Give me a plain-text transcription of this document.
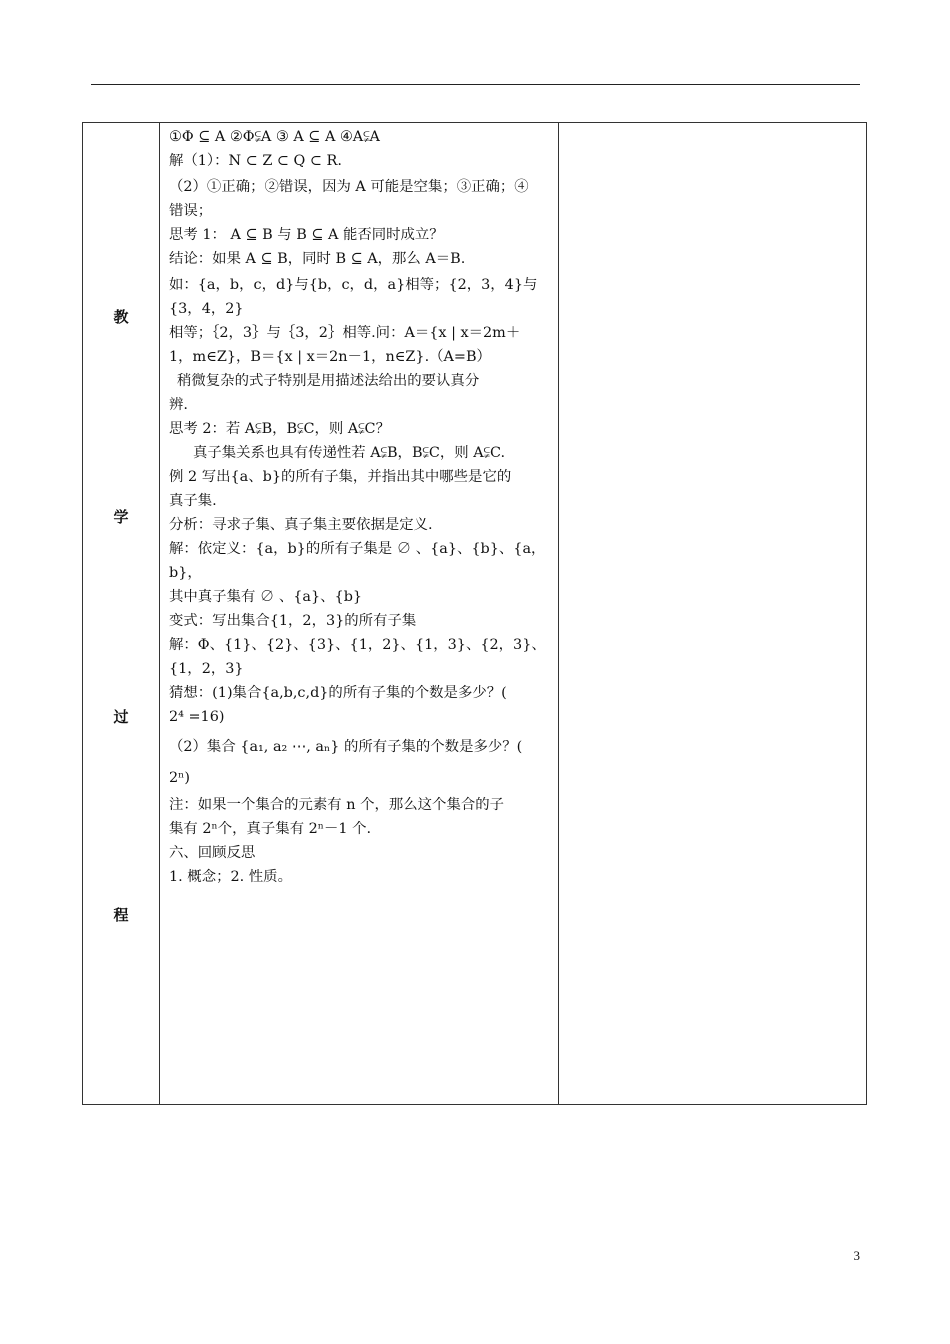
教
学
过
程

①Φ ⊆ A ②Φ⫋A ③ A ⊆ A ④A⫋A

解（1）：N ⊂ Z ⊂ Q ⊂ R.

（2）①正确；②错误，因为 A 可能是空集；③正确；④

错误；

思考 1： A ⊆ B 与 B ⊆ A 能否同时成立？

结论：如果 A ⊆ B，同时 B ⊆ A，那么 A＝B.

如：{a，b，c，d}与{b，c，d，a}相等；{2，3，4}与{3，4，2}

相等；｛2，3｝与｛3，2｝相等.问：A＝{x | x＝2m＋

1，m∈Z}，B＝{x | x＝2n－1，n∈Z}.（A=B）

稍微复杂的式子特别是用描述法给出的要认真分

辨.

思考 2：若 A⫋B，B⫋C，则 A⫋C？

真子集关系也具有传递性若 A⫋B，B⫋C，则 A⫋C.

例 2 写出{a、b}的所有子集，并指出其中哪些是它的

真子集.

分析：寻求子集、真子集主要依据是定义.

解：依定义：{a，b}的所有子集是 ∅ 、{a}、{b}、{a，b}，

其中真子集有 ∅ 、{a}、{b}

变式：写出集合{1，2，3}的所有子集

解：Φ、{1}、{2}、{3}、{1，2}、{1，3}、{2，3}、{1，2，3}

猜想：(1)集合{a,b,c,d}的所有子集的个数是多少？(

2⁴ =16)

（2）集合 {a₁, a₂ ⋯, aₙ} 的所有子集的个数是多少？(

2ⁿ)

注：如果一个集合的元素有 n 个，那么这个集合的子

集有 2ⁿ个，真子集有 2ⁿ－1 个.

六、回顾反思

1. 概念；2. 性质。

3
